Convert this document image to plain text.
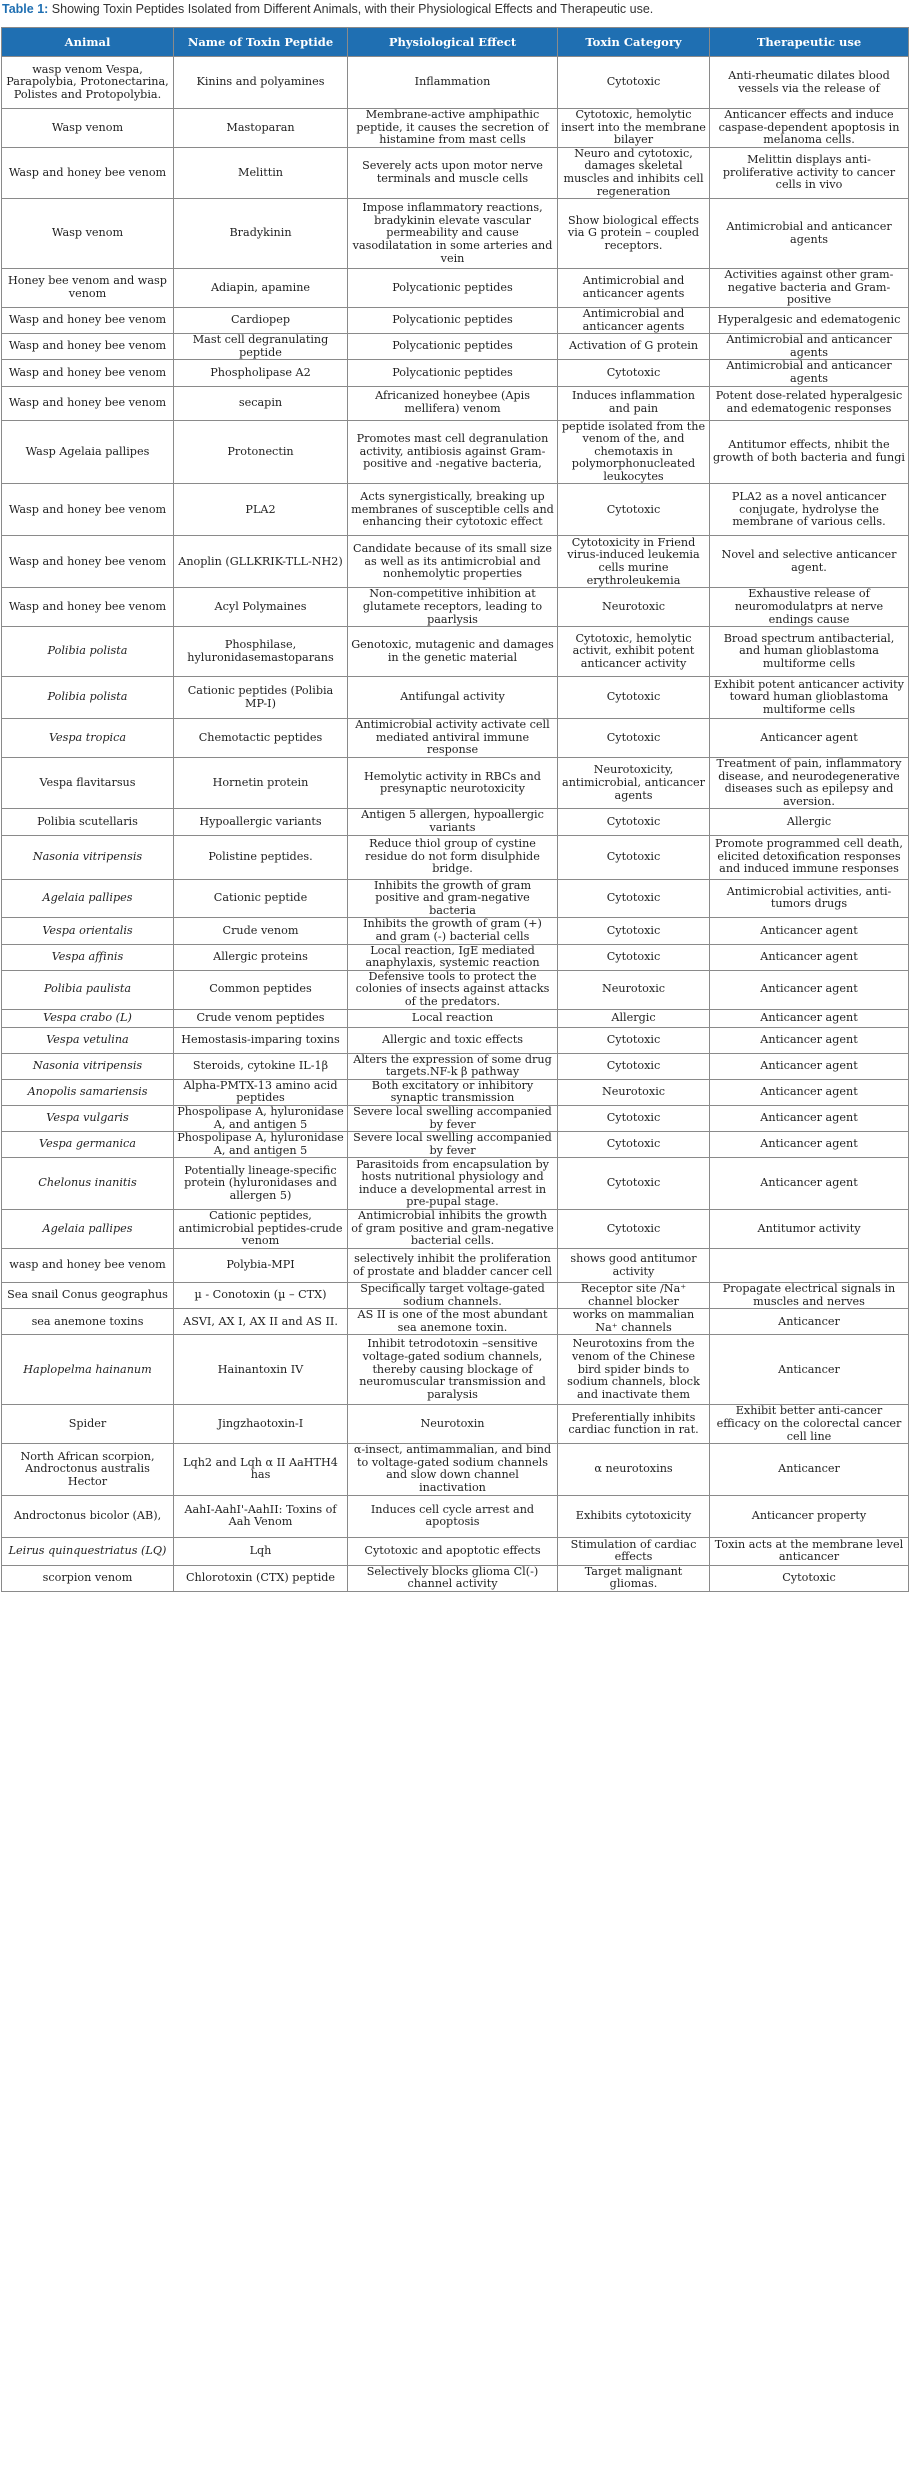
Table 1: Showing Toxin Peptides Isolated from Different Animals, with their Physiological Effects and Therapeutic use.
Animal	Name of Toxin Peptide	Physiological Effect	Toxin Category	Therapeutic use
wasp venom Vespa, Parapolybia, Protonectarina, Polistes and Protopolybia.	Kinins and polyamines	Inflammation	Cytotoxic	Anti-rheumatic dilates blood vessels via the release of
Wasp venom	Mastoparan	Membrane-active amphipathic peptide, it causes the secretion of histamine from mast cells	Cytotoxic, hemolytic insert into the membrane bilayer	Anticancer effects and induce caspase-dependent apoptosis in melanoma cells.
Wasp and honey bee venom	Melittin	Severely acts upon motor nerve terminals and muscle cells	Neuro and cytotoxic, damages skeletal muscles and inhibits cell regeneration	Melittin displays anti-proliferative activity to cancer cells in vivo
Wasp venom	Bradykinin	Impose inflammatory reactions, bradykinin elevate vascular permeability and cause vasodilatation in some arteries and vein	Show biological effects via G protein – coupled receptors.	Antimicrobial and anticancer agents
Honey bee venom and wasp venom	Adiapin, apamine	Polycationic peptides	Antimicrobial and anticancer agents	Activities against other gram-negative bacteria and Gram-positive
Wasp and honey bee venom	Cardiopep	Polycationic peptides	Antimicrobial and anticancer agents	Hyperalgesic and edematogenic
Wasp and honey bee venom	Mast cell degranulating peptide	Polycationic peptides	Activation of G protein	Antimicrobial and anticancer agents
Wasp and honey bee venom	Phospholipase A2	Polycationic peptides	Cytotoxic	Antimicrobial and anticancer agents
Wasp and honey bee venom	secapin	Africanized honeybee (Apis mellifera) venom	Induces inflammation and pain	Potent dose-related hyperalgesic and edematogenic responses
Wasp Agelaia pallipes	Protonectin	Promotes mast cell degranulation activity, antibiosis against Gram-positive and -negative bacteria,	peptide isolated from the venom of the, and chemotaxis in polymorphonucleated leukocytes	Antitumor effects, nhibit the growth of both bacteria and fungi
Wasp and honey bee venom	PLA2	Acts synergistically, breaking up membranes of susceptible cells and enhancing their cytotoxic effect	Cytotoxic	PLA2 as a novel anticancer conjugate, hydrolyse the membrane of various cells.
Wasp and honey bee venom	Anoplin (GLLKRIK-TLL-NH2)	Candidate because of its small size as well as its antimicrobial and nonhemolytic properties	Cytotoxicity in Friend virus-induced leukemia cells murine erythroleukemia	Novel and selective anticancer agent.
Wasp and honey bee venom	Acyl Polymaines	Non-competitive inhibition at glutamete receptors, leading to paarlysis	Neurotoxic	Exhaustive release of neuromodulatprs at nerve endings cause
Polibia polista	Phosphilase, hyluronidasemastoparans	Genotoxic, mutagenic and damages in the genetic material	Cytotoxic, hemolytic activit, exhibit potent anticancer activity	Broad spectrum antibacterial, and human glioblastoma multiforme cells
Polibia polista	Cationic peptides (Polibia MP-I)	Antifungal activity	Cytotoxic	Exhibit potent anticancer activity toward human glioblastoma multiforme cells
Vespa tropica	Chemotactic peptides	Antimicrobial activity activate cell mediated antiviral immune response	Cytotoxic	Anticancer agent
Vespa flavitarsus	Hornetin protein	Hemolytic activity in RBCs and presynaptic neurotoxicity	Neurotoxicity, antimicrobial, anticancer agents	Treatment of pain, inflammatory disease, and neurodegenerative diseases such as epilepsy and aversion.
Polibia scutellaris	Hypoallergic variants	Antigen 5 allergen, hypoallergic variants	Cytotoxic	Allergic
Nasonia vitripensis	Polistine peptides.	Reduce thiol group of cystine residue do not form disulphide bridge.	Cytotoxic	Promote programmed cell death, elicited detoxification responses and induced immune responses
Agelaia pallipes	Cationic peptide	Inhibits the growth of gram positive and gram-negative bacteria	Cytotoxic	Antimicrobial activities, anti-tumors drugs
Vespa orientalis	Crude venom	Inhibits the growth of gram (+) and gram (-) bacterial cells	Cytotoxic	Anticancer agent
Vespa affinis	Allergic proteins	Local reaction, IgE mediated anaphylaxis, systemic reaction	Cytotoxic	Anticancer agent
Polibia paulista	Common peptides	Defensive tools to protect the colonies of insects against attacks of the predators.	Neurotoxic	Anticancer agent
Vespa crabo (L)	Crude venom peptides	Local reaction	Allergic	Anticancer agent
Vespa vetulina	Hemostasis-imparing toxins	Allergic and toxic effects	Cytotoxic	Anticancer agent
Nasonia vitripensis	Steroids, cytokine IL-1β	Alters the expression of some drug targets.NF-k β pathway	Cytotoxic	Anticancer agent
Anopolis samariensis	Alpha-PMTX-13 amino acid peptides	Both excitatory or inhibitory synaptic transmission	Neurotoxic	Anticancer agent
Vespa vulgaris	Phospolipase A, hyluronidase A, and antigen 5	Severe local swelling accompanied by fever	Cytotoxic	Anticancer agent
Vespa germanica	Phospolipase A, hyluronidase A, and antigen 5	Severe local swelling accompanied by fever	Cytotoxic	Anticancer agent
Chelonus inanitis	Potentially lineage-specific protein (hyluronidases and allergen 5)	Parasitoids from encapsulation by hosts nutritional physiology and induce a developmental arrest in pre-pupal stage.	Cytotoxic	Anticancer agent
Agelaia pallipes	Cationic peptides, antimicrobial peptides-crude venom	Antimicrobial inhibits the growth of gram positive and gram-negative bacterial cells.	Cytotoxic	Antitumor activity
wasp and honey bee venom	Polybia-MPI	selectively inhibit the proliferation of prostate and bladder cancer cell	shows good antitumor activity	
Sea snail Conus geographus	µ - Conotoxin (µ – CTX)	Specifically target voltage-gated sodium channels.	Receptor site /Na⁺ channel blocker	Propagate electrical signals in muscles and nerves
sea anemone toxins	ASVI, AX I, AX II and AS II.	AS II is one of the most abundant sea anemone toxin.	works on mammalian Na⁺ channels	Anticancer
Haplopelma hainanum	Hainantoxin IV	Inhibit tetrodotoxin –sensitive voltage-gated sodium channels, thereby causing blockage of neuromuscular transmission and paralysis	Neurotoxins from the venom of the Chinese bird spider binds to sodium channels, block and inactivate them	Anticancer
Spider	Jingzhaotoxin-I	Neurotoxin	Preferentially inhibits cardiac function in rat.	Exhibit better anti-cancer efficacy on the colorectal cancer cell line
North African scorpion, Androctonus australis Hector	Lqh2 and Lqh α II AaHTH4 has	α-insect, antimammalian, and bind to voltage-gated sodium channels and slow down channel inactivation	α neurotoxins	Anticancer
Androctonus bicolor (AB),	AahI-AahI'-AahII: Toxins of Aah Venom	Induces cell cycle arrest and apoptosis	Exhibits cytotoxicity	Anticancer property
Leirus quinquestriatus (LQ)	Lqh	Cytotoxic and apoptotic effects	Stimulation of cardiac effects	Toxin acts at the membrane level anticancer
scorpion venom	Chlorotoxin (CTX) peptide	Selectively blocks glioma Cl(-) channel activity	Target malignant gliomas.	Cytotoxic
